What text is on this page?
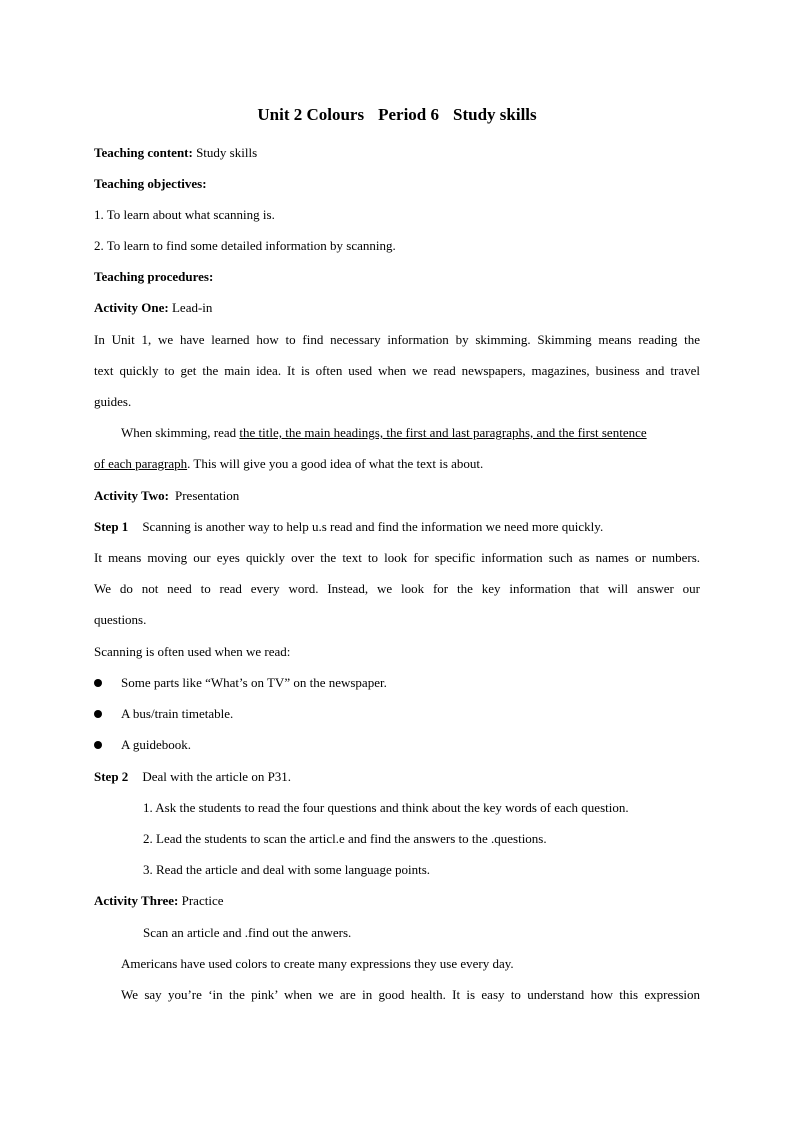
Unit 2 Colours Period 6 Study skills
Teaching content: Study skills
Teaching objectives:
1. To learn about what scanning is.
2. To learn to find some detailed information by scanning.
Teaching procedures:
Activity One: Lead-in
In Unit 1, we have learned how to find necessary information by skimming. Skimming means reading the
text quickly to get the main idea. It is often used when we read newspapers, magazines, business and travel
guides.
When skimming, read the title, the main headings, the first and last paragraphs, and the first sentence
of each paragraph. This will give you a good idea of what the text is about.
Activity Two: Presentation
Step 1 Scanning is another way to help u.s read and find the information we need more quickly.
It means moving our eyes quickly over the text to look for specific information such as names or numbers.
We do not need to read every word. Instead, we look for the key information that will answer our
questions.
Scanning is often used when we read:
Some parts like “What’s on TV” on the newspaper.
A bus/train timetable.
A guidebook.
Step 2 Deal with the article on P31.
1. Ask the students to read the four questions and think about the key words of each question.
2. Lead the students to scan the articl.e and find the answers to the .questions.
3. Read the article and deal with some language points.
Activity Three: Practice
Scan an article and .find out the anwers.
Americans have used colors to create many expressions they use every day.
We say you’re ‘in the pink’ when we are in good health. It is easy to understand how this expression
